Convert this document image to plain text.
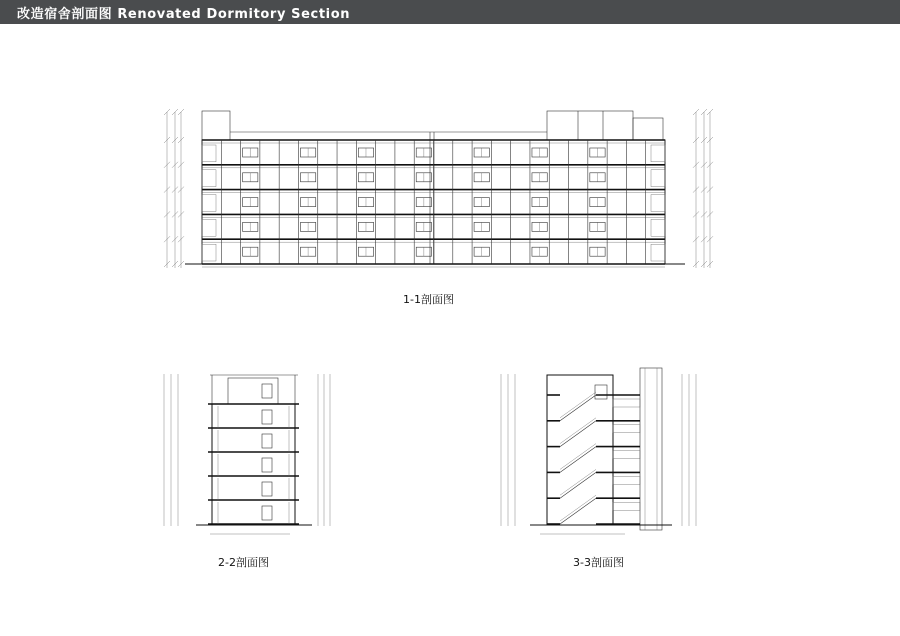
改造宿舍剖面图 Renovated Dormitory Section
1-1剖面图
2-2剖面图	3-3剖面图
